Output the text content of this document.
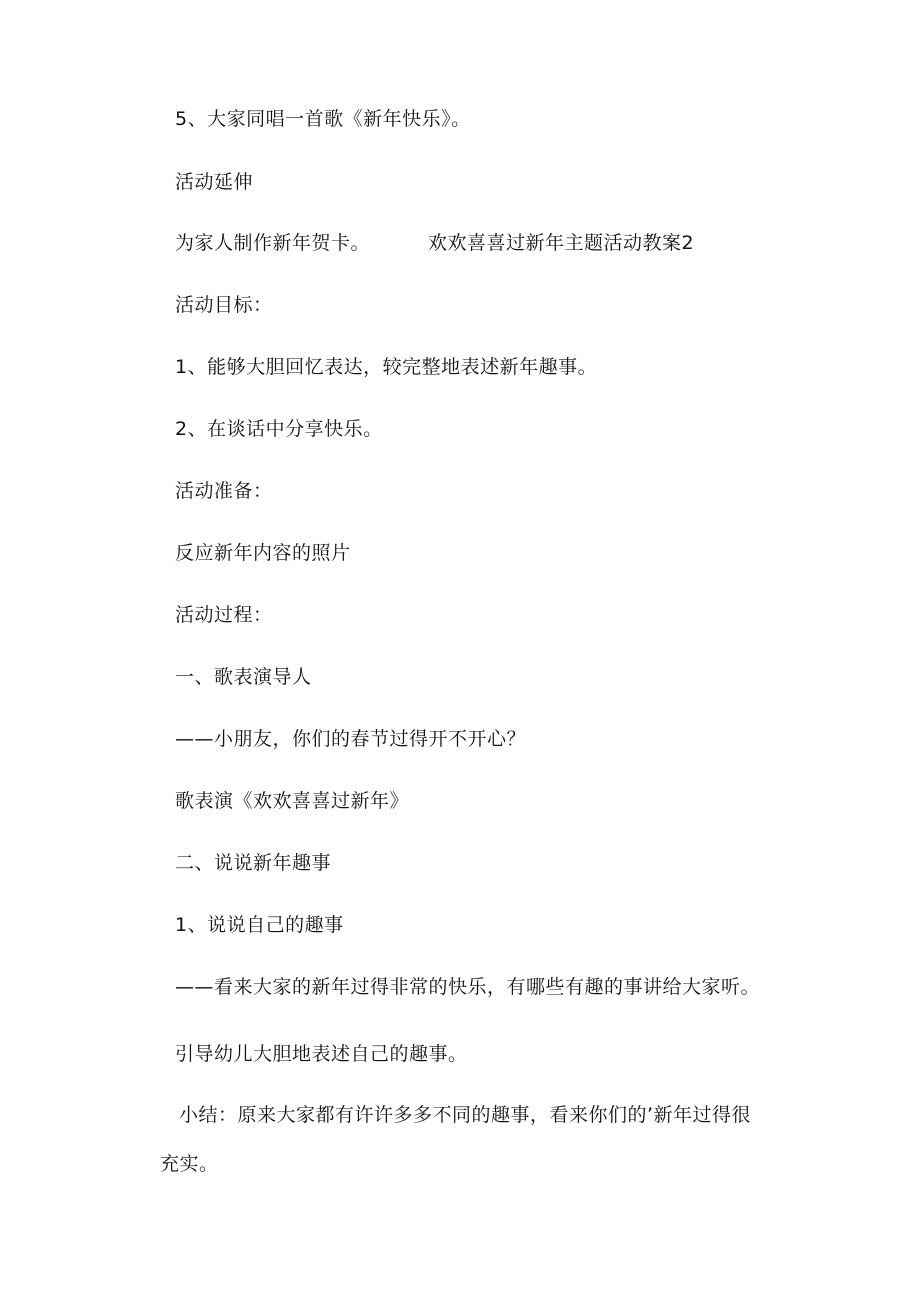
5、大家同唱一首歌《新年快乐》。
活动延伸
为家人制作新年贺卡。	欢欢喜喜过新年主题活动教案2
活动目标：
1、能够大胆回忆表达，较完整地表述新年趣事。
2、在谈话中分享快乐。
活动准备：
反应新年内容的照片
活动过程：
一、歌表演导人
——小朋友，你们的春节过得开不开心？
歌表演《欢欢喜喜过新年》
二、说说新年趣事
1、说说自己的趣事
——看来大家的新年过得非常的快乐，有哪些有趣的事讲给大家听。
引导幼儿大胆地表述自己的趣事。
小结：原来大家都有许许多多不同的趣事，看来你们的’新年过得很
充实。
